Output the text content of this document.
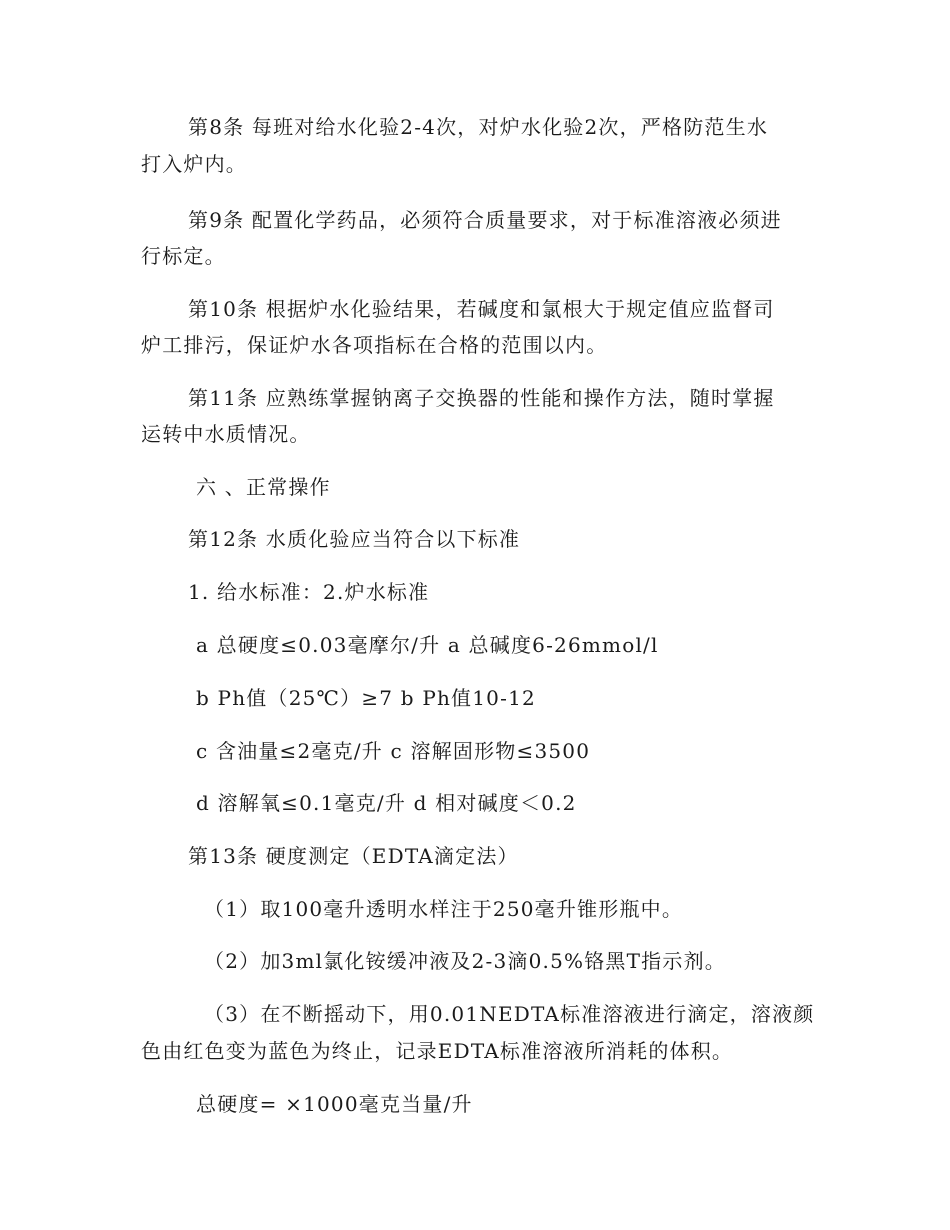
第8条 每班对给水化验2-4次，对炉水化验2次，严格防范生水
打入炉内。
第9条 配置化学药品，必须符合质量要求，对于标准溶液必须进
行标定。
第10条 根据炉水化验结果，若碱度和氯根大于规定值应监督司
炉工排污，保证炉水各项指标在合格的范围以内。
第11条 应熟练掌握钠离子交换器的性能和操作方法，随时掌握
运转中水质情况。
六 、正常操作
第12条 水质化验应当符合以下标准
1. 给水标准：2.炉水标准
a 总硬度≤0.03毫摩尔/升 a 总碱度6-26mmol/l
b Ph值（25℃）≥7 b Ph值10-12
c 含油量≤2毫克/升 c 溶解固形物≤3500
d 溶解氧≤0.1毫克/升 d 相对碱度＜0.2
第13条 硬度测定（EDTA滴定法）
（1）取100毫升透明水样注于250毫升锥形瓶中。
（2）加3ml氯化铵缓冲液及2-3滴0.5%铬黑T指示剂。
（3）在不断摇动下，用0.01NEDTA标准溶液进行滴定，溶液颜
色由红色变为蓝色为终止，记录EDTA标准溶液所消耗的体积。
总硬度= ×1000毫克当量/升
